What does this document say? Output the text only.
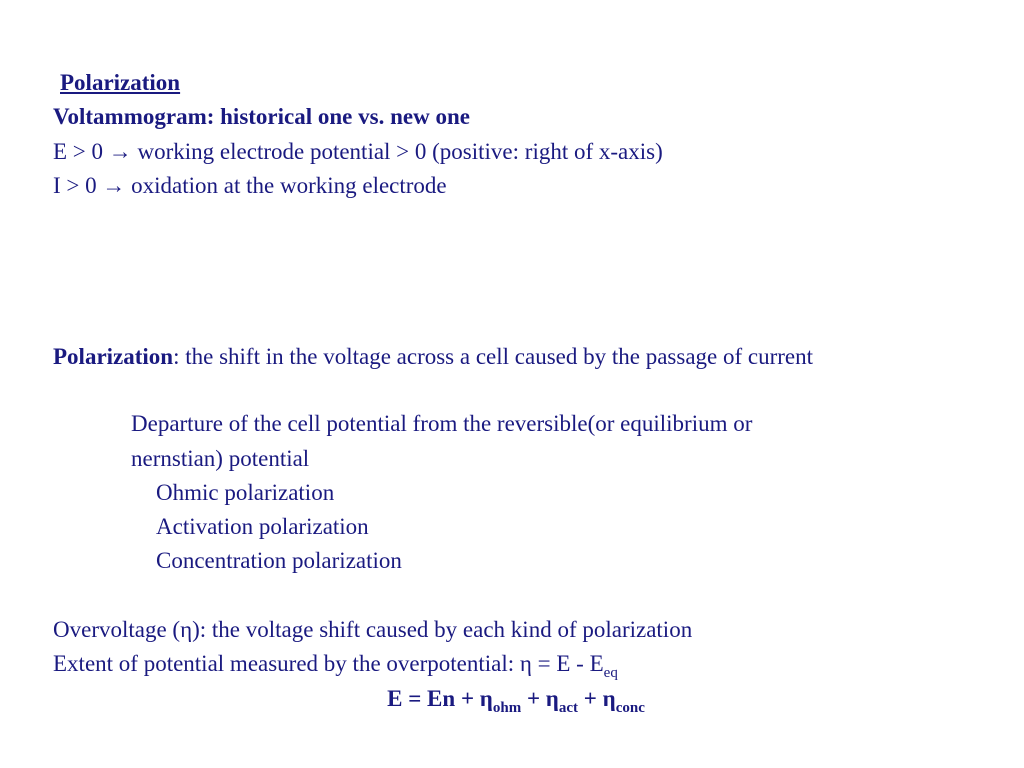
Polarization
Voltammogram: historical one vs. new one
E > 0 → working electrode potential > 0 (positive: right of x-axis)
I > 0 → oxidation at the working electrode
Polarization: the shift in the voltage across a cell caused by the passage of current
Departure of the cell potential from the reversible(or equilibrium or
nernstian) potential
Ohmic polarization
Activation polarization
Concentration polarization
Overvoltage (η): the voltage shift caused by each kind of polarization
Extent of potential measured by the overpotential: $\eta = E - E_{eq}$
$E = En + \eta_{ohm} + \eta_{act} + \eta_{conc}$
